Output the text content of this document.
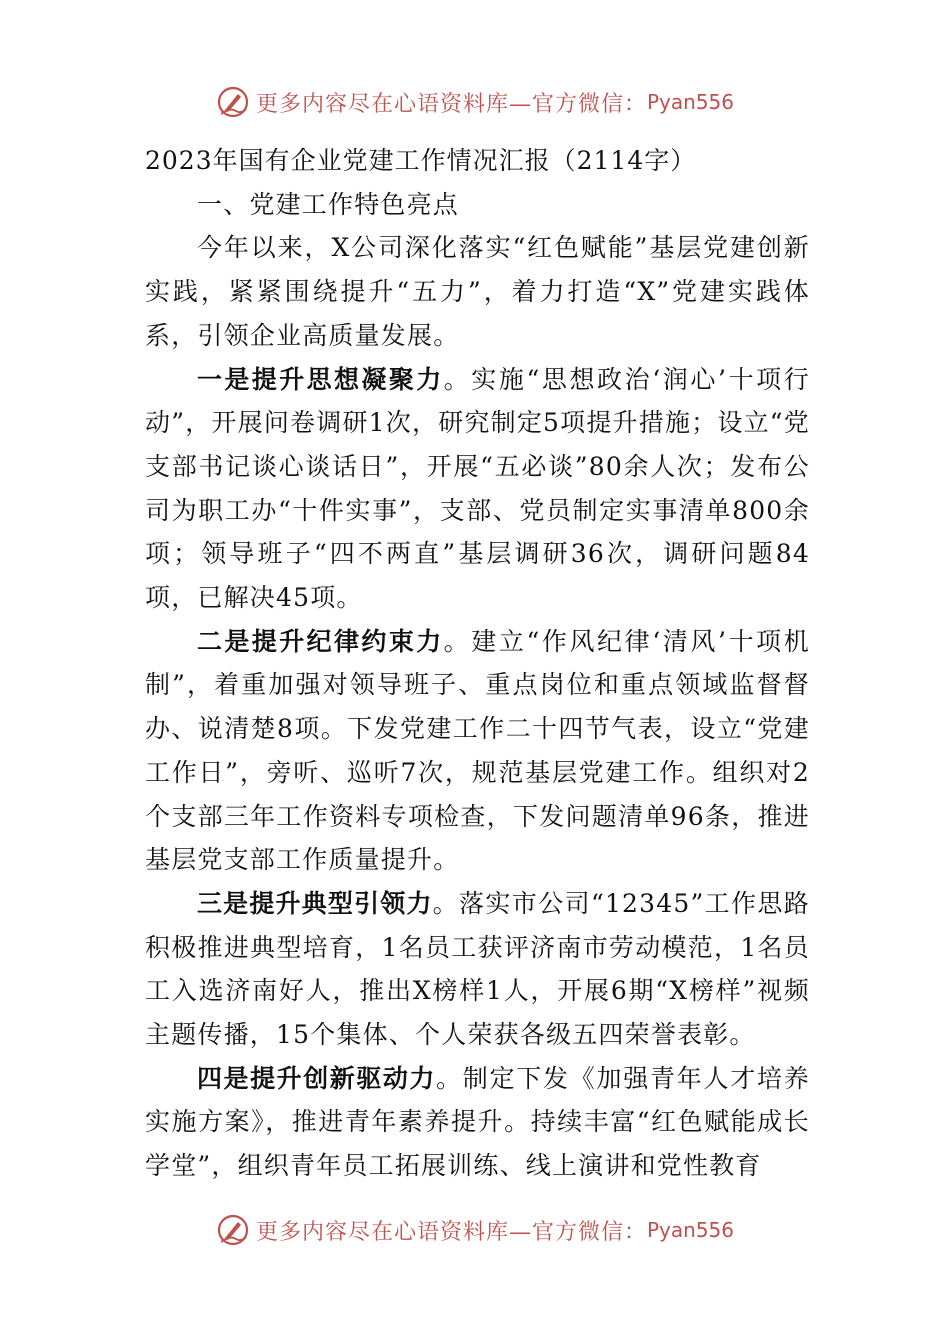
更多内容尽在心语资料库—官方微信： Pyan556

2023年国有企业党建工作情况汇报（2114字）

一、党建工作特色亮点

今年以来，X公司深化落实“红色赋能”基层党建创新实践，紧紧围绕提升“五力”，着力打造“X”党建实践体系，引领企业高质量发展。

一是提升思想凝聚力。实施“思想政治‘润心’十项行动”，开展问卷调研1次，研究制定5项提升措施；设立“党支部书记谈心谈话日”，开展“五必谈”80余人次；发布公司为职工办“十件实事”，支部、党员制定实事清单800余项；领导班子“四不两直”基层调研36次，调研问题84项，已解决45项。

二是提升纪律约束力。建立“作风纪律‘清风’十项机制”，着重加强对领导班子、重点岗位和重点领域监督督办、说清楚8项。下发党建工作二十四节气表，设立“党建工作日”，旁听、巡听7次，规范基层党建工作。组织对2个支部三年工作资料专项检查，下发问题清单96条，推进基层党支部工作质量提升。

三是提升典型引领力。落实市公司“12345”工作思路积极推进典型培育，1名员工获评济南市劳动模范，1名员工入选济南好人，推出X榜样1人，开展6期“X榜样”视频主题传播，15个集体、个人荣获各级五四荣誉表彰。

四是提升创新驱动力。制定下发《加强青年人才培养实施方案》，推进青年素养提升。持续丰富“红色赋能成长学堂”，组织青年员工拓展训练、线上演讲和党性教育

更多内容尽在心语资料库—官方微信： Pyan556
